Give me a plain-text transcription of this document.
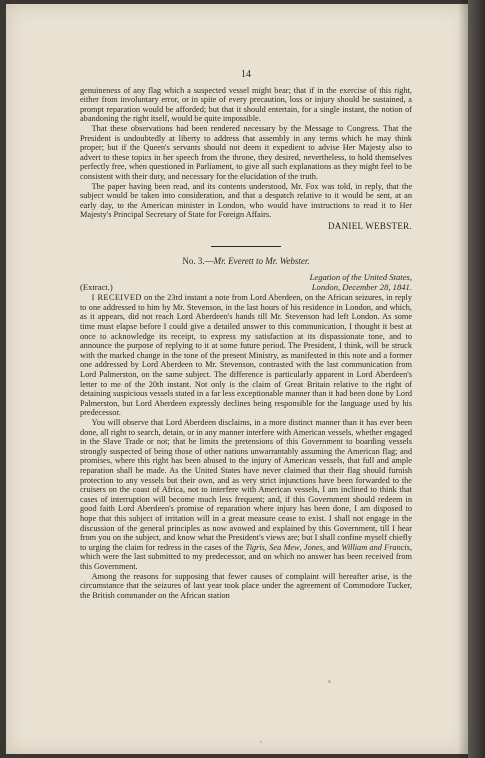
14

genuineness of any flag which a suspected vessel might bear; that if in the exercise of this right, either from involuntary error, or in spite of every precaution, loss or injury should be sustained, a prompt reparation would be afforded; but that it should entertain, for a single instant, the notion of abandoning the right itself, would be quite impossible.

That these observations had been rendered necessary by the Message to Congress. That the President is undoubtedly at liberty to address that assembly in any terms which he may think proper; but if the Queen's servants should not deem it expedient to advise Her Majesty also to advert to these topics in her speech from the throne, they desired, nevertheless, to hold themselves perfectly free, when questioned in Parliament, to give all such explanations as they might feel to be consistent with their duty, and necessary for the elucidation of the truth.

The paper having been read, and its contents understood, Mr. Fox was told, in reply, that the subject would be taken into consideration, and that a despatch relative to it would be sent, at an early day, to the American minister in London, who would have instructions to read it to Her Majesty's Principal Secretary of State for Foreign Affairs.

DANIEL WEBSTER.
No. 3.—Mr. Everett to Mr. Webster.
Legation of the United States,
(Extract.)	London, December 28, 1841.

I RECEIVED on the 23rd instant a note from Lord Aberdeen, on the African seizures, in reply to one addressed to him by Mr. Stevenson, in the last hours of his residence in London, and which, as it appears, did not reach Lord Aberdeen's hands till Mr. Stevenson had left London. As some time must elapse before I could give a detailed answer to this communication, I thought it best at once to acknowledge its receipt, to express my satisfaction at its dispassionate tone, and to announce the purpose of replying to it at some future period. The President, I think, will be struck with the marked change in the tone of the present Ministry, as manifested in this note and a former one addressed by Lord Aberdeen to Mr. Stevenson, contrasted with the last communication from Lord Palmerston, on the same subject. The difference is particularly apparent in Lord Aberdeen's letter to me of the 20th instant. Not only is the claim of Great Britain relative to the right of detaining suspicious vessels stated in a far less exceptionable manner than it had been done by Lord Palmerston, but Lord Aberdeen expressly declines being responsible for the language used by his predecessor.

You will observe that Lord Aberdeen disclaims, in a more distinct manner than it has ever been done, all right to search, detain, or in any manner interfere with American vessels, whether engaged in the Slave Trade or not; that he limits the pretensions of this Government to boarding vessels strongly suspected of being those of other nations unwarrantably assuming the American flag; and promises, where this right has been abused to the injury of American vessels, that full and ample reparation shall be made. As the United States have never claimed that their flag should furnish protection to any vessels but their own, and as very strict injunctions have been forwarded to the cruisers on the coast of Africa, not to interfere with American vessels, I am inclined to think that cases of interruption will become much less frequent; and, if this Government should redeem in good faith Lord Aberdeen's promise of reparation where injury has been done, I am disposed to hope that this subject of irritation will in a great measure cease to exist. I shall not engage in the discussion of the general principles as now avowed and explained by this Government, till I hear from you on the subject, and know what the President's views are; but I shall confine myself chiefly to urging the claim for redress in the cases of the Tigris, Sea Mew, Jones, and William and Francis, which were the last submitted to my predecessor, and on which no answer has been received from this Government.

Among the reasons for supposing that fewer causes of complaint will hereafter arise, is the circumstance that the seizures of last year took place under the agreement of Commodore Tucker, the British commander on the African station
